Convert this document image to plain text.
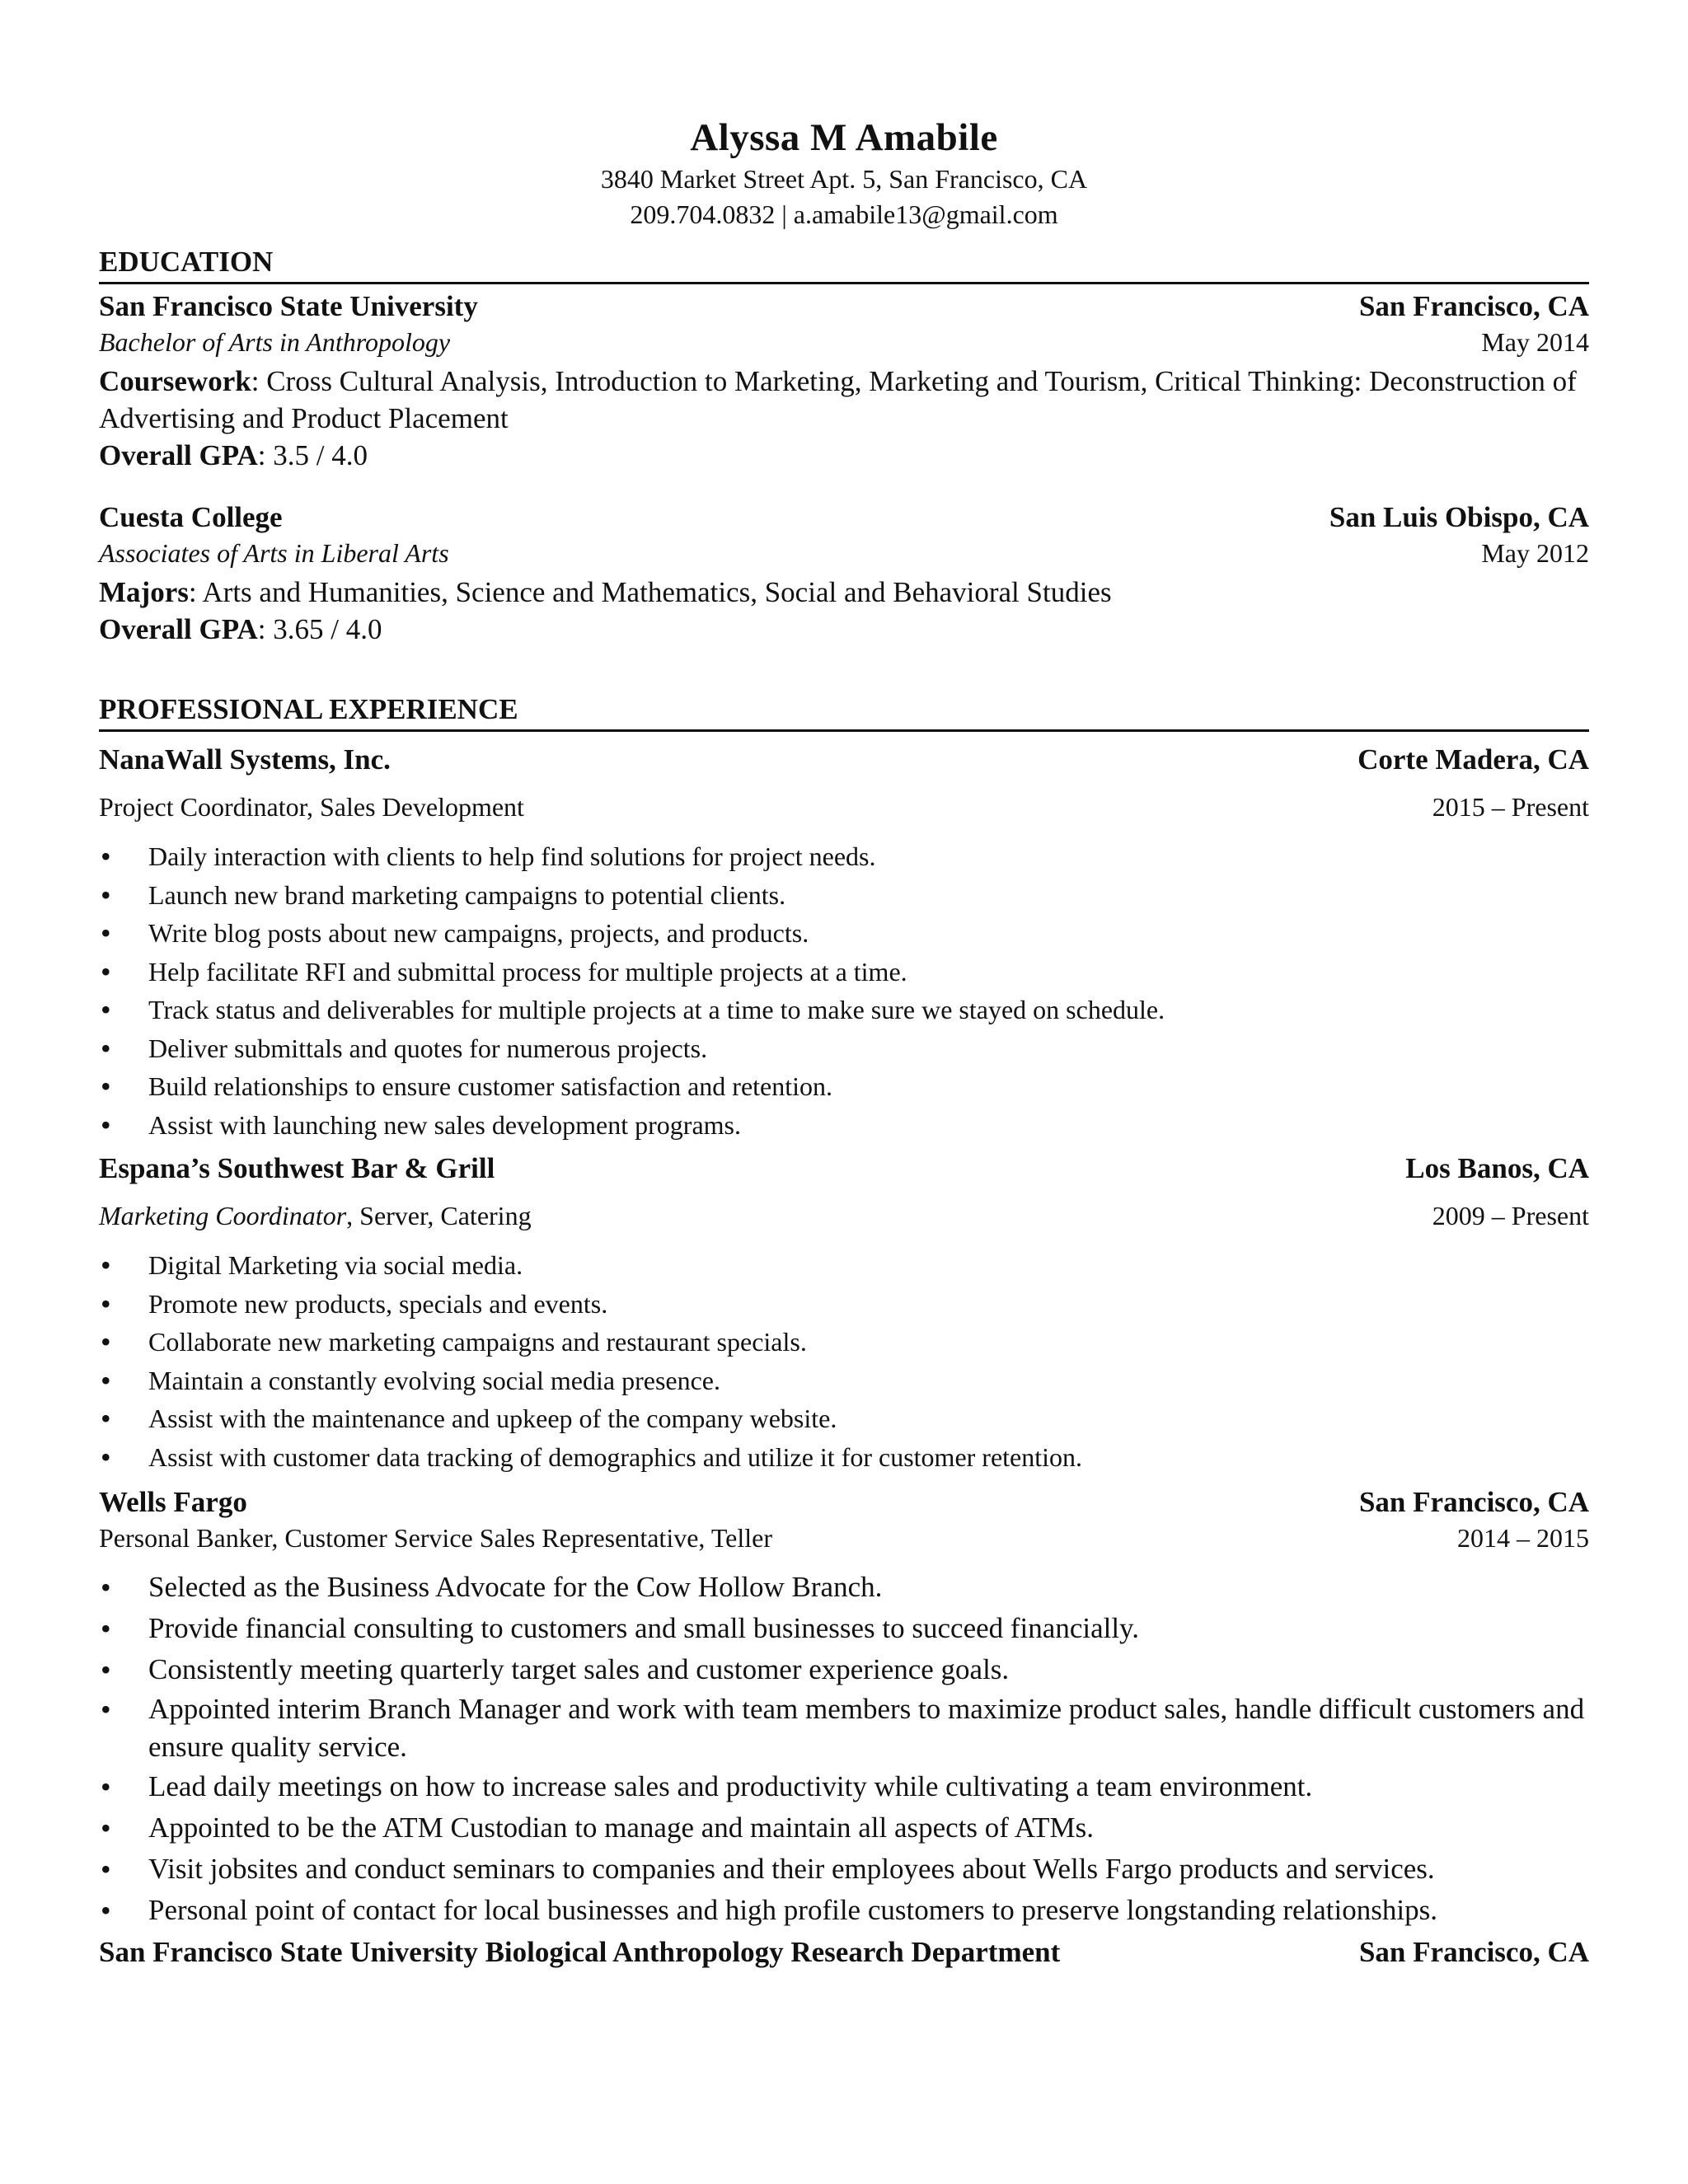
Alyssa M Amabile
3840 Market Street Apt. 5, San Francisco, CA
209.704.0832 | a.amabile13@gmail.com
EDUCATION
San Francisco State University	San Francisco, CA
Bachelor of Arts in Anthropology	May 2014
Coursework: Cross Cultural Analysis, Introduction to Marketing, Marketing and Tourism, Critical Thinking: Deconstruction of Advertising and Product Placement
Overall GPA: 3.5 / 4.0
Cuesta College	San Luis Obispo, CA
Associates of Arts in Liberal Arts	May 2012
Majors: Arts and Humanities, Science and Mathematics, Social and Behavioral Studies
Overall GPA: 3.65 / 4.0
PROFESSIONAL EXPERIENCE
NanaWall Systems, Inc.	Corte Madera, CA
Project Coordinator, Sales Development	2015 – Present
• Daily interaction with clients to help find solutions for project needs.
• Launch new brand marketing campaigns to potential clients.
• Write blog posts about new campaigns, projects, and products.
• Help facilitate RFI and submittal process for multiple projects at a time.
• Track status and deliverables for multiple projects at a time to make sure we stayed on schedule.
• Deliver submittals and quotes for numerous projects.
• Build relationships to ensure customer satisfaction and retention.
• Assist with launching new sales development programs.
Espana’s Southwest Bar & Grill	Los Banos, CA
Marketing Coordinator, Server, Catering	2009 – Present
• Digital Marketing via social media.
• Promote new products, specials and events.
• Collaborate new marketing campaigns and restaurant specials.
• Maintain a constantly evolving social media presence.
• Assist with the maintenance and upkeep of the company website.
• Assist with customer data tracking of demographics and utilize it for customer retention.
Wells Fargo	San Francisco, CA
Personal Banker, Customer Service Sales Representative, Teller	2014 – 2015
• Selected as the Business Advocate for the Cow Hollow Branch.
• Provide financial consulting to customers and small businesses to succeed financially.
• Consistently meeting quarterly target sales and customer experience goals.
• Appointed interim Branch Manager and work with team members to maximize product sales, handle difficult customers and ensure quality service.
• Lead daily meetings on how to increase sales and productivity while cultivating a team environment.
• Appointed to be the ATM Custodian to manage and maintain all aspects of ATMs.
• Visit jobsites and conduct seminars to companies and their employees about Wells Fargo products and services.
• Personal point of contact for local businesses and high profile customers to preserve longstanding relationships.
San Francisco State University Biological Anthropology Research Department	San Francisco, CA
